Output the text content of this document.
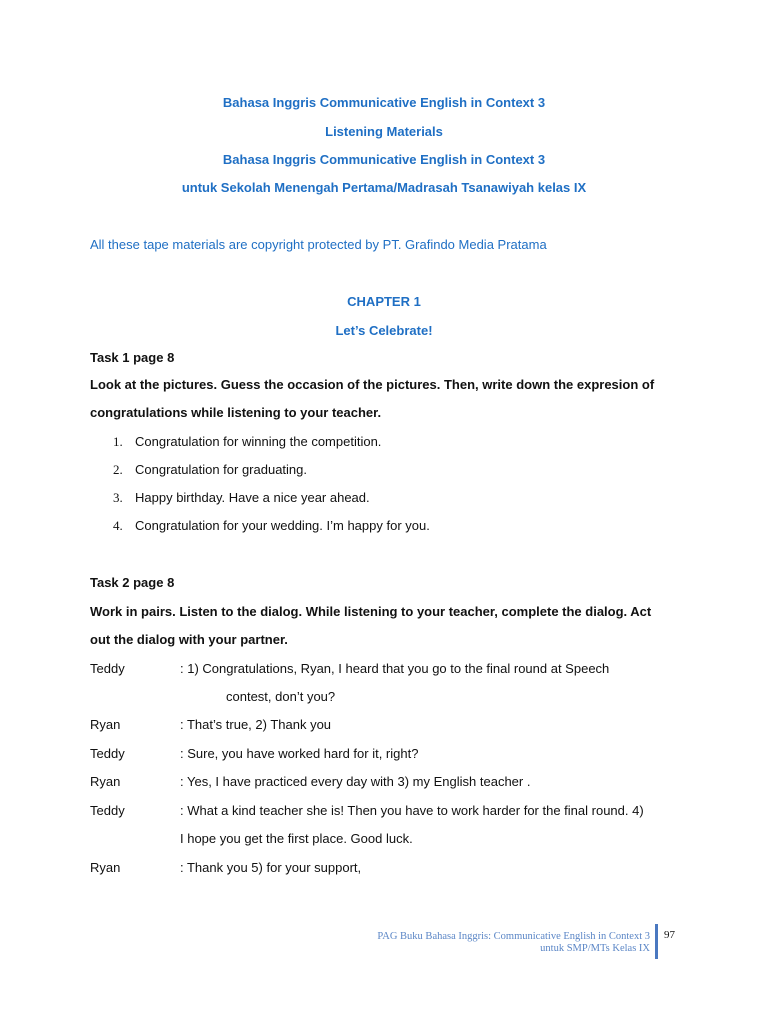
Bahasa Inggris Communicative English in Context 3
Listening Materials
Bahasa Inggris Communicative English in Context 3
untuk Sekolah Menengah Pertama/Madrasah Tsanawiyah kelas IX
All these tape materials are copyright protected by PT. Grafindo Media Pratama
CHAPTER 1
Let’s Celebrate!
Task 1 page 8
Look at the pictures. Guess the occasion of the pictures. Then, write down the expresion of
congratulations while listening to your teacher.
1. Congratulation for winning the competition.
2. Congratulation for graduating.
3. Happy birthday. Have a nice year ahead.
4. Congratulation for your wedding. I’m happy for you.
Task 2 page 8
Work in pairs. Listen to the dialog. While listening to your teacher, complete the dialog. Act
out the dialog with your partner.
Teddy	: 1) Congratulations, Ryan, I heard that you go to the final round at Speech
contest, don’t you?
Ryan	: That’s true, 2) Thank you
Teddy	: Sure, you have worked hard for it, right?
Ryan	: Yes, I have practiced every day with 3) my English teacher .
Teddy	: What a kind teacher she is! Then you have to work harder for the final round. 4)
I hope you get the first place. Good luck.
Ryan	: Thank you 5) for your support,
PAG Buku Bahasa Inggris: Communicative English in Context 3
untuk SMP/MTs Kelas IX
97
